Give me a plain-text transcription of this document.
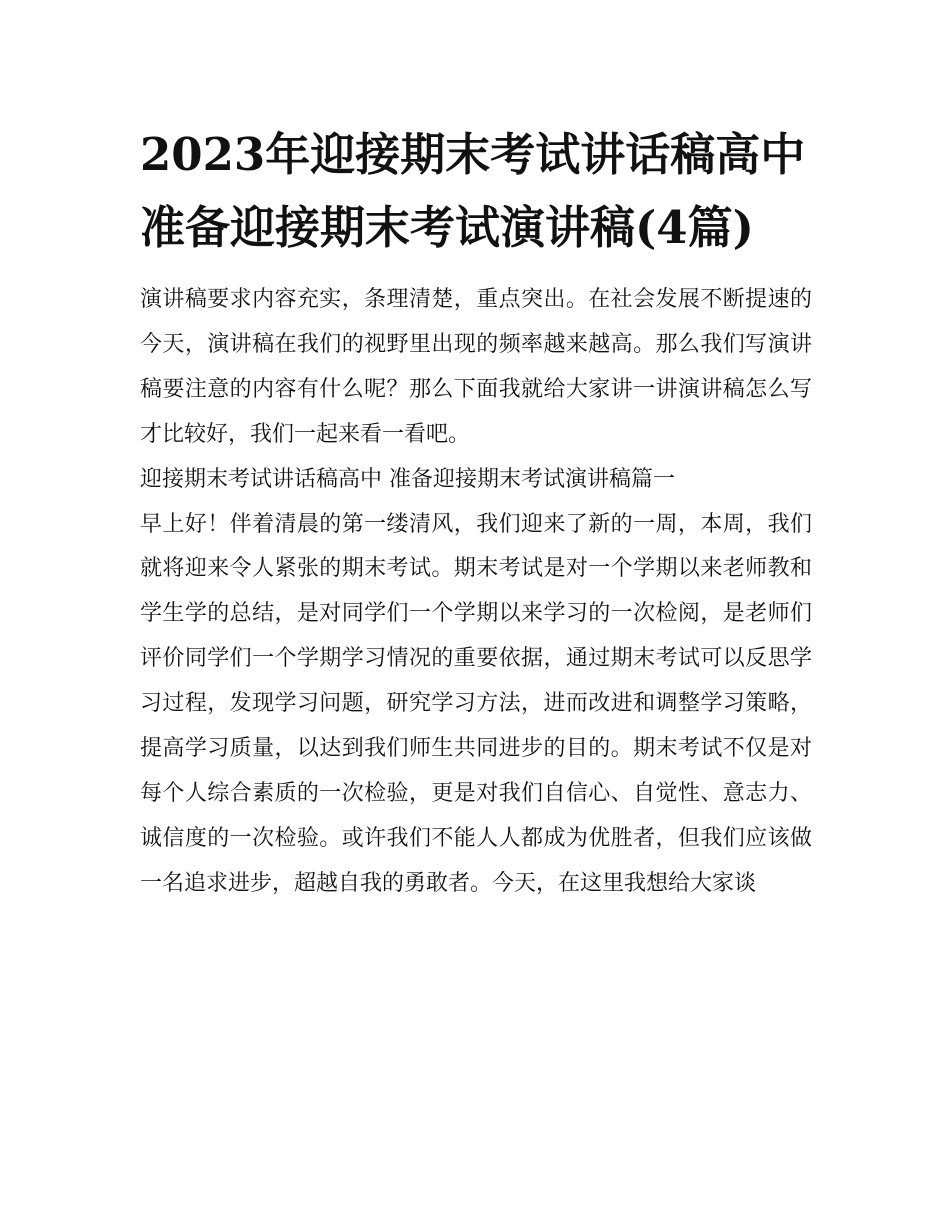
2023年迎接期末考试讲话稿高中 准备迎接期末考试演讲稿(4篇)

演讲稿要求内容充实，条理清楚，重点突出。在社会发展不断提速的今天，演讲稿在我们的视野里出现的频率越来越高。那么我们写演讲稿要注意的内容有什么呢？那么下面我就给大家讲一讲演讲稿怎么写才比较好，我们一起来看一看吧。

迎接期末考试讲话稿高中 准备迎接期末考试演讲稿篇一

早上好！伴着清晨的第一缕清风，我们迎来了新的一周，本周，我们就将迎来令人紧张的期末考试。期末考试是对一个学期以来老师教和学生学的总结，是对同学们一个学期以来学习的一次检阅，是老师们评价同学们一个学期学习情况的重要依据，通过期末考试可以反思学习过程，发现学习问题，研究学习方法，进而改进和调整学习策略，提高学习质量，以达到我们师生共同进步的目的。期末考试不仅是对每个人综合素质的一次检验，更是对我们自信心、自觉性、意志力、诚信度的一次检验。或许我们不能人人都成为优胜者，但我们应该做一名追求进步，超越自我的勇敢者。今天，在这里我想给大家谈
